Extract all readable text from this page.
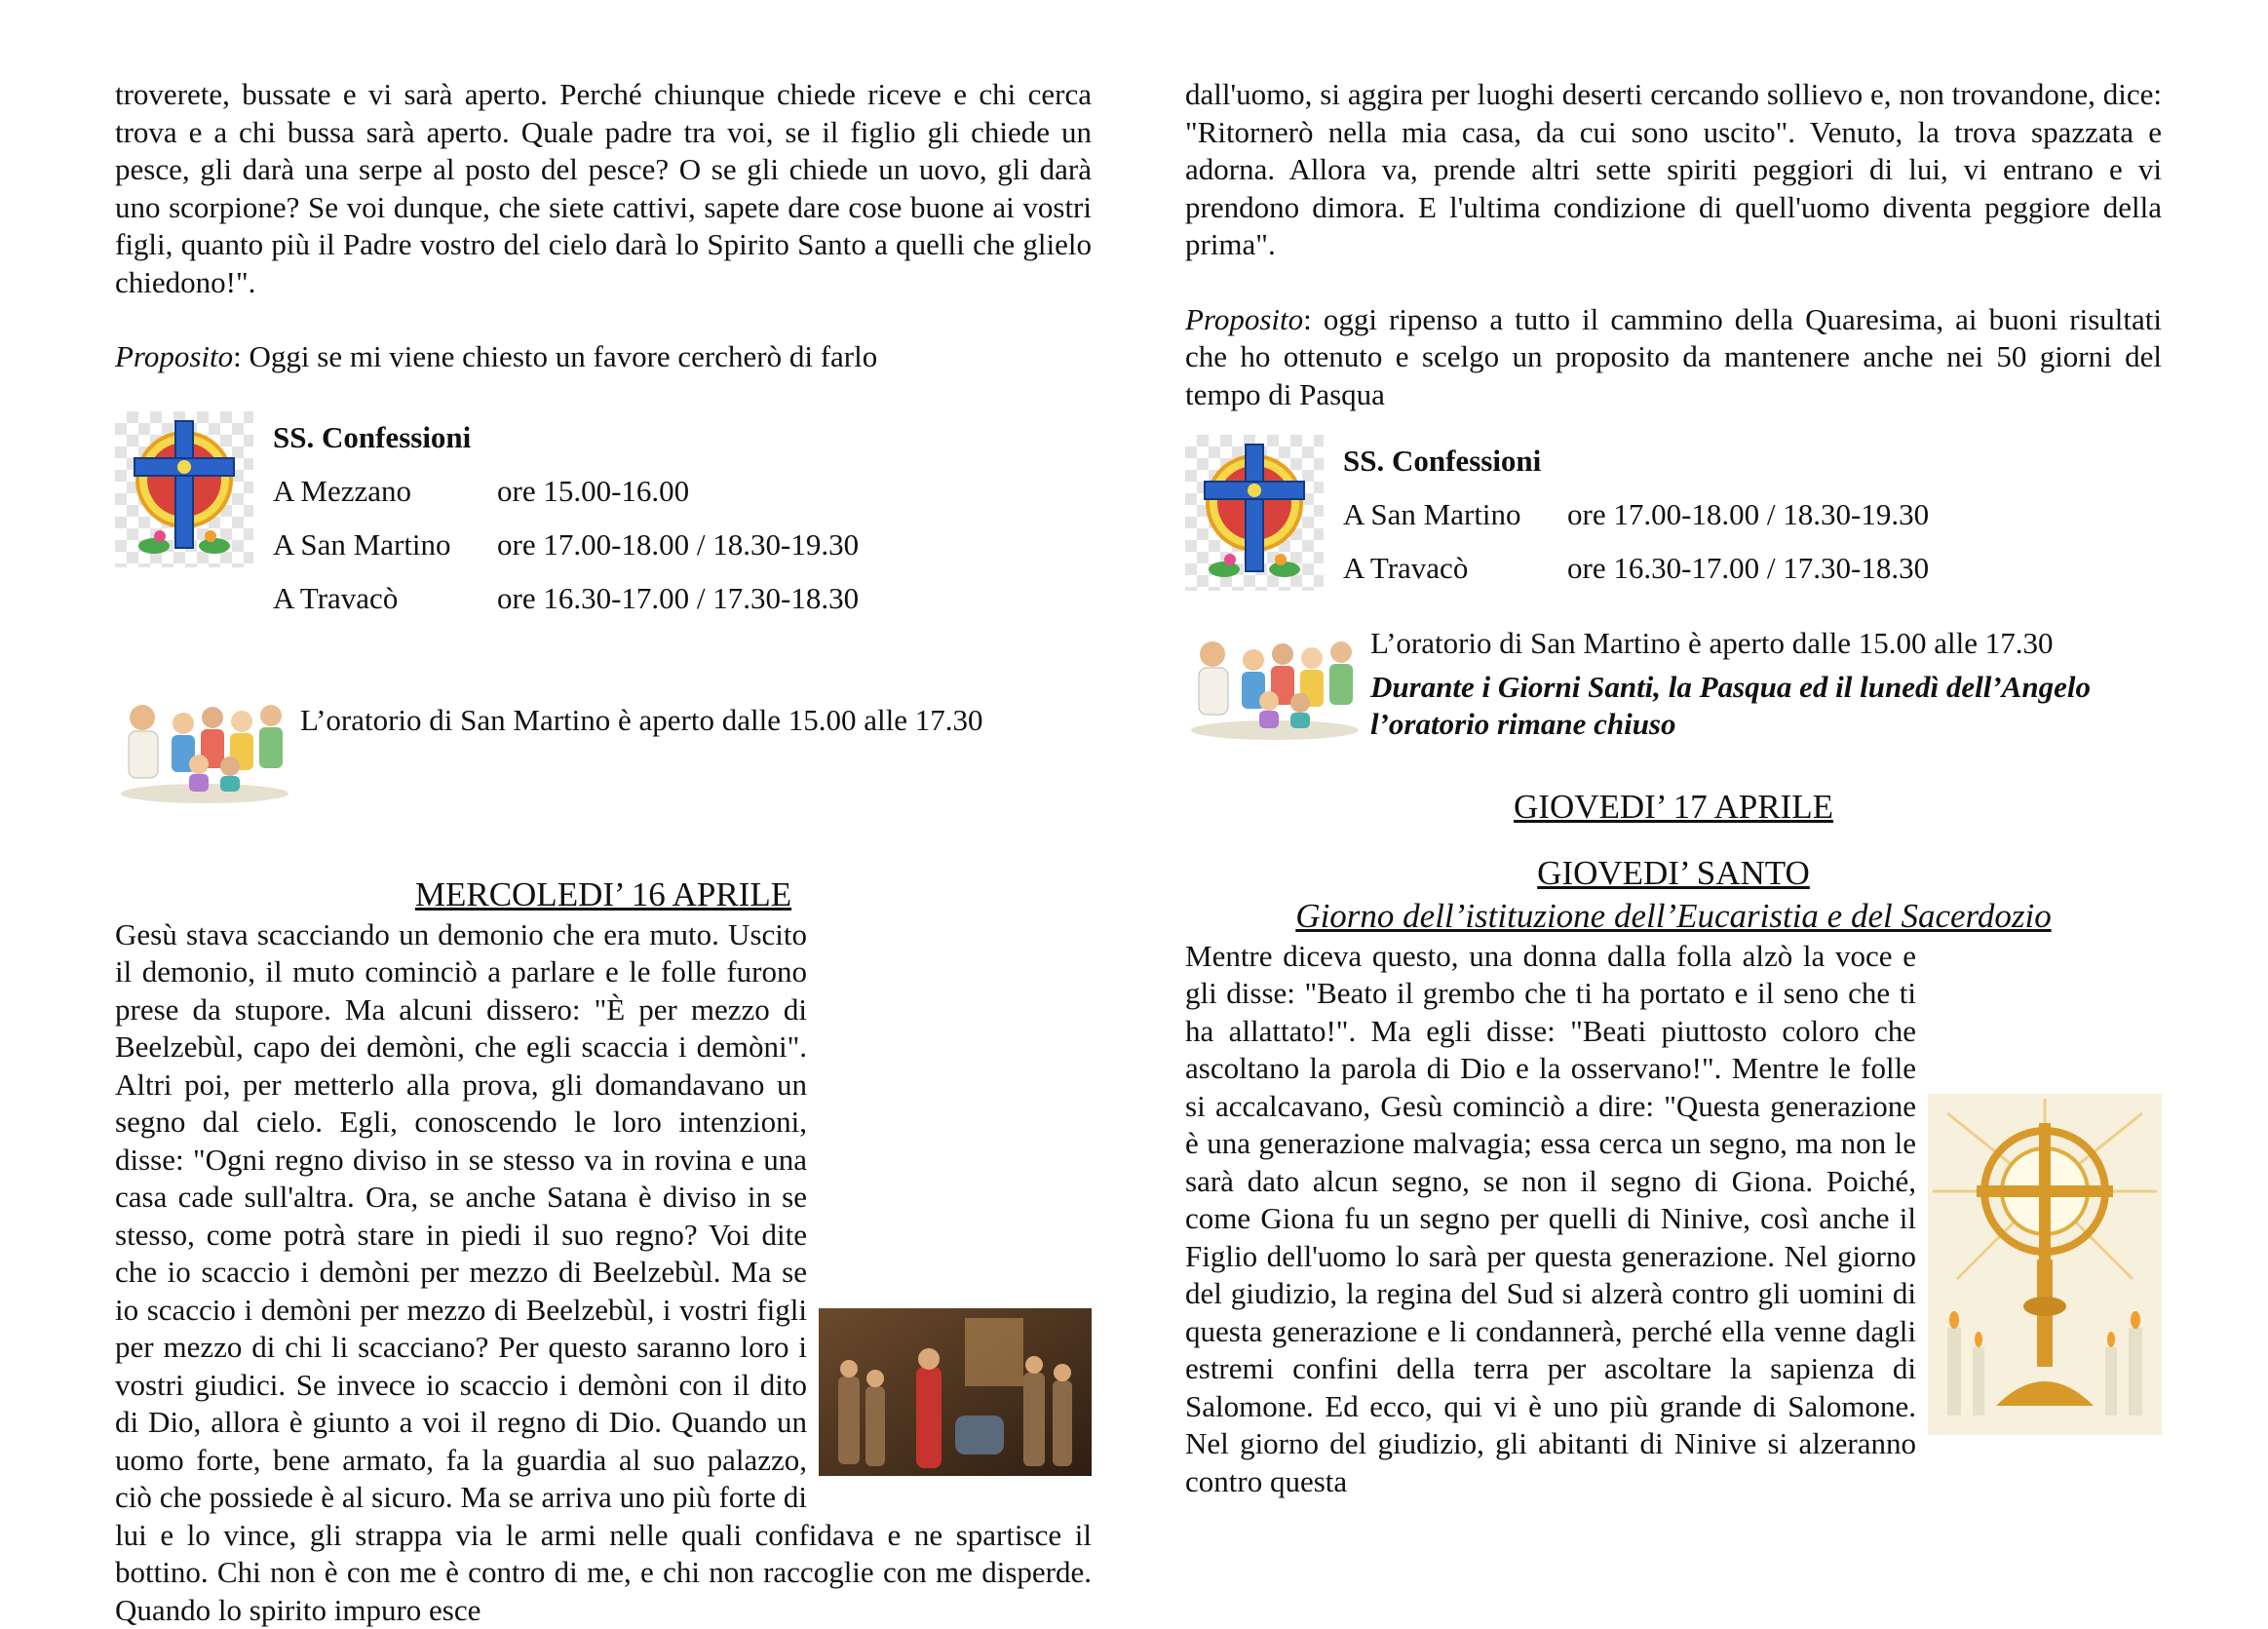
troverete, bussate e vi sarà aperto. Perché chiunque chiede riceve e chi cerca trova e a chi bussa sarà aperto. Quale padre tra voi, se il figlio gli chiede un pesce, gli darà una serpe al posto del pesce? O se gli chiede un uovo, gli darà uno scorpione? Se voi dunque, che siete cattivi, sapete dare cose buone ai vostri figli, quanto più il Padre vostro del cielo darà lo Spirito Santo a quelli che glielo chiedono!".

Proposito: Oggi se mi viene chiesto un favore cercherò di farlo

SS. Confessioni	
A Mezzano	ore 15.00-16.00
A San Martino	ore 17.00-18.00 / 18.30-19.30
A Travacò	ore 16.30-17.00 / 17.30-18.30
L’oratorio di San Martino è aperto dalle 15.00 alle 17.30
MERCOLEDI’ 16 APRILE

Gesù stava scacciando un demonio che era muto. Uscito il demonio, il muto cominciò a parlare e le folle furono prese da stupore. Ma alcuni dissero: "È per mezzo di Beelzebùl, capo dei demòni, che egli scaccia i demòni". Altri poi, per metterlo alla prova, gli domandavano un segno dal cielo. Egli, conoscendo le loro intenzioni, disse: "Ogni regno diviso in se stesso va in rovina e una casa cade sull'altra. Ora, se anche Satana è diviso in se stesso, come potrà stare in piedi il suo regno? Voi dite che io scaccio i demòni per mezzo di Beelzebùl. Ma se io scaccio i demòni per mezzo di Beelzebùl, i vostri figli per mezzo di chi li scacciano? Per questo saranno loro i vostri giudici. Se invece io scaccio i demòni con il dito di Dio, allora è giunto a voi il regno di Dio. Quando un uomo forte, bene armato, fa la guardia al suo palazzo, ciò che possiede è al sicuro. Ma se arriva uno più forte di lui e lo vince, gli strappa via le armi nelle quali confidava e ne spartisce il bottino. Chi non è con me è contro di me, e chi non raccoglie con me disperde. Quando lo spirito impuro esce

dall'uomo, si aggira per luoghi deserti cercando sollievo e, non trovandone, dice: "Ritornerò nella mia casa, da cui sono uscito". Venuto, la trova spazzata e adorna. Allora va, prende altri sette spiriti peggiori di lui, vi entrano e vi prendono dimora. E l'ultima condizione di quell'uomo diventa peggiore della prima".

Proposito: oggi ripenso a tutto il cammino della Quaresima, ai buoni risultati che ho ottenuto e scelgo un proposito da mantenere anche nei 50 giorni del tempo di Pasqua

SS. Confessioni	
A San Martino	ore 17.00-18.00 / 18.30-19.30
A Travacò	ore 16.30-17.00 / 17.30-18.30
L’oratorio di San Martino è aperto dalle 15.00 alle 17.30
Durante i Giorni Santi, la Pasqua ed il lunedì dell’Angelo l’oratorio rimane chiuso
GIOVEDI’ 17 APRILE
GIOVEDI’ SANTO
Giorno dell’istituzione dell’Eucaristia e del Sacerdozio

Mentre diceva questo, una donna dalla folla alzò la voce e gli disse: "Beato il grembo che ti ha portato e il seno che ti ha allattato!". Ma egli disse: "Beati piuttosto coloro che ascoltano la parola di Dio e la osservano!". Mentre le folle si accalcavano, Gesù cominciò a dire: "Questa generazione è una generazione malvagia; essa cerca un segno, ma non le sarà dato alcun segno, se non il segno di Giona. Poiché, come Giona fu un segno per quelli di Ninive, così anche il Figlio dell'uomo lo sarà per questa generazione. Nel giorno del giudizio, la regina del Sud si alzerà contro gli uomini di questa generazione e li condannerà, perché ella venne dagli estremi confini della terra per ascoltare la sapienza di Salomone. Ed ecco, qui vi è uno più grande di Salomone. Nel giorno del giudizio, gli abitanti di Ninive si alzeranno contro questa
